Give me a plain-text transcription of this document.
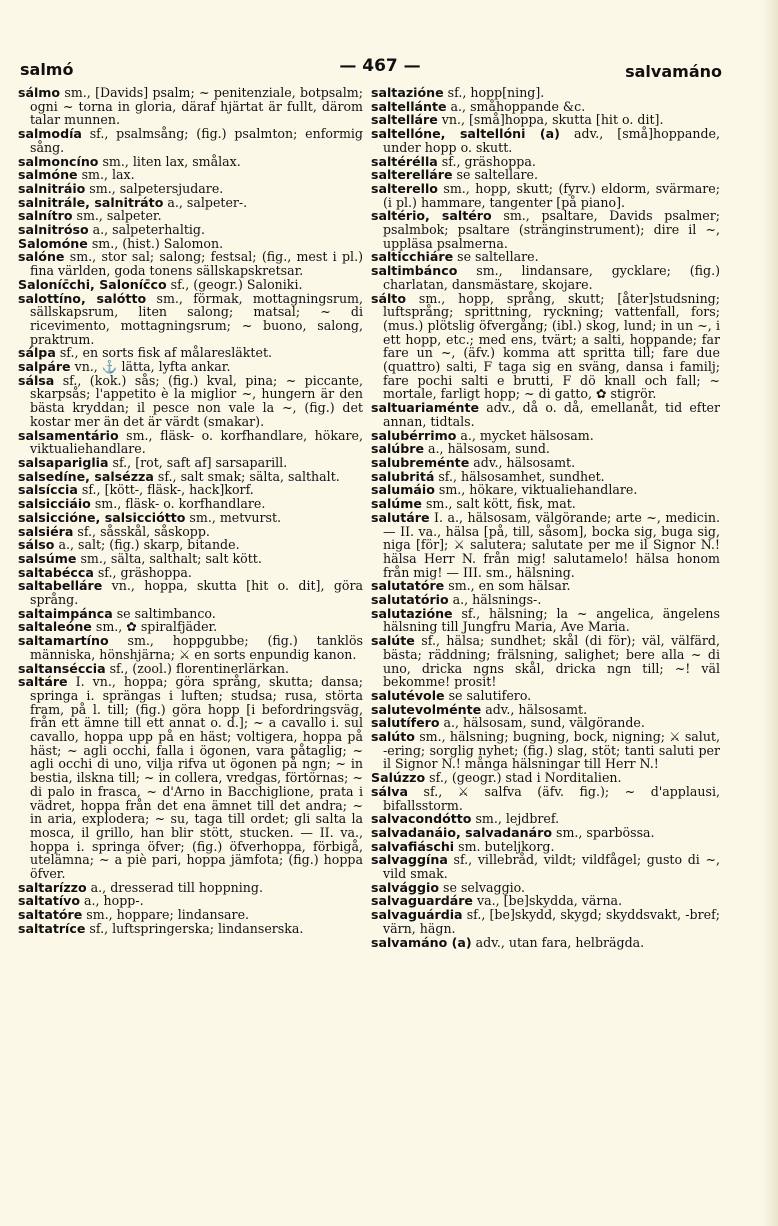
salmó	— 467 —	salvamáno

sálmo sm., [Davids] psalm; ~ penitenziale, botpsalm; ogni ~ torna in gloria, däraf hjärtat är fullt, därom talar munnen.

salmodía sf., psalmsång; (fig.) psalmton; enformig sång.

salmoncíno sm., liten lax, smålax.

salmóne sm., lax.

salnitráio sm., salpetersjudare.

salnitrále, salnitráto a., salpeter-.

salnítro sm., salpeter.

salnitróso a., salpeterhaltig.

Salomóne sm., (hist.) Salomon.

salóne sm., stor sal; salong; festsal; (fig., mest i pl.) fina världen, goda tonens sällskapskretsar.

Saloníc̄chi, Saloníc̄co sf., (geogr.) Saloniki.

salottíno, salótto sm., förmak, mottagningsrum, sällskapsrum, liten salong; matsal; ~ di ricevimento, mottagningsrum; ~ buono, salong, praktrum.

sálpa sf., en sorts fisk af målaresläktet.

salpáre vn., ⚓ lätta, lyfta ankar.

sálsa sf., (kok.) sås; (fig.) kval, pina; ~ piccante, skarpsås; l'appetito è la miglior ~, hungern är den bästa kryddan; il pesce non vale la ~, (fig.) det kostar mer än det är värdt (smakar).

salsamentário sm., fläsk- o. korfhandlare, hökare, viktualiehandlare.

salsapariglia sf., [rot, saft af] sarsaparill.

salsedíne, salsézza sf., salt smak; sälta, salthalt.

salsíccia sf., [kött-, fläsk-, hack]korf.

salsicciáio sm., fläsk- o. korfhandlare.

salsiccióne, salsicciótto sm., metvurst.

salsiéra sf., såsskål, såskopp.

sálso a., salt; (fig.) skarp, bitande.

salsúme sm., sälta, salthalt; salt kött.

saltabécca sf., gräshoppa.

saltabelláre vn., hoppa, skutta [hit o. dit], göra språng.

saltaimpánca se saltimbanco.

saltaleóne sm., ✿ spiralfjäder.

saltamartíno sm., hoppgubbe; (fig.) tanklös människa, hönshjärna; ⚔ en sorts enpundig kanon.

saltanséccia sf., (zool.) florentinerlärkan.

saltáre I. vn., hoppa; göra språng, skutta; dansa; springa i. sprängas i luften; studsa; rusa, störta fram, på l. till; (fig.) göra hopp [i befordringsväg, från ett ämne till ett annat o. d.]; ~ a cavallo i. sul cavallo, hoppa upp på en häst; voltigera, hoppa på häst; ~ agli occhi, falla i ögonen, vara påtaglig; ~ agli occhi di uno, vilja rifva ut ögonen på ngn; ~ in bestia, ilskna till; ~ in collera, vredgas, förtörnas; ~ di palo in frasca, ~ d'Arno in Bacchiglione, prata i vädret, hoppa från det ena ämnet till det andra; ~ in aria, explodera; ~ su, taga till ordet; gli salta la mosca, il grillo, han blir stött, stucken. — II. va., hoppa i. springa öfver; (fig.) öfverhoppa, förbigå, utelämna; ~ a piè pari, hoppa jämfota; (fig.) hoppa öfver.

saltarízzo a., dresserad till hoppning.

saltatívo a., hopp-.

saltatóre sm., hoppare; lindansare.

saltatríce sf., luftspringerska; lindanserska.

saltazióne sf., hopp[ning].

saltellánte a., småhoppande &c.

saltelláre vn., [små]hoppa, skutta [hit o. dit].

saltellóne, saltellóni (a) adv., [små]hoppande, under hopp o. skutt.

saltérélla sf., gräshoppa.

salterelláre se saltellare.

salterello sm., hopp, skutt; (fyrv.) eldorm, svärmare; (i pl.) hammare, tangenter [på piano].

saltério, saltéro sm., psaltare, Davids psalmer; psalmbok; psaltare (stränginstrument); dire il ~, uppläsa psalmerna.

salticchiáre se saltellare.

saltimbánco sm., lindansare, gycklare; (fig.) charlatan, dansmästare, skojare.

sálto sm., hopp, språng, skutt; [åter]studsning; luftsprång; sprittning, ryckning; vattenfall, fors; (mus.) plötslig öfvergång; (ibl.) skog, lund; in un ~, i ett hopp, etc.; med ens, tvärt; a salti, hoppande; far fare un ~, (äfv.) komma att spritta till; fare due (quattro) salti, F taga sig en sväng, dansa i familj; fare pochi salti e brutti, F dö knall och fall; ~ mortale, farligt hopp; ~ di gatto, ✿ stigrör.

saltuariaménte adv., då o. då, emellanåt, tid efter annan, tidtals.

salubérrimo a., mycket hälsosam.

salúbre a., hälsosam, sund.

salubreménte adv., hälsosamt.

salubritá sf., hälsosamhet, sundhet.

salumáio sm., hökare, viktualiehandlare.

salúme sm., salt kött, fisk, mat.

salutáre I. a., hälsosam, välgörande; arte ~, medicin. — II. va., hälsa [på, till, såsom], bocka sig, buga sig, niga [för]; ⚔ salutera; salutate per me il Signor N.! hälsa Herr N. från mig! salutamelo! hälsa honom från mig! — III. sm., hälsning.

salutatóre sm., en som hälsar.

salutatório a., hälsnings-.

salutazióne sf., hälsning; la ~ angelica, ängelens hälsning till Jungfru Maria, Ave Maria.

salúte sf., hälsa; sundhet; skål (di för); väl, välfärd, bästa; räddning; frälsning, salighet; bere alla ~ di uno, dricka ngns skål, dricka ngn till; ~! väl bekomme! prosit!

salutévole se salutifero.

salutevolménte adv., hälsosamt.

salutífero a., hälsosam, sund, välgörande.

salúto sm., hälsning; bugning, bock, nigning; ⚔ salut, -ering; sorglig nyhet; (fig.) slag, stöt; tanti saluti per il Signor N.! många hälsningar till Herr N.!

Salúzzo sf., (geogr.) stad i Norditalien.

sálva sf., ⚔ salfva (äfv. fig.); ~ d'applausi, bifallsstorm.

salvacondótto sm., lejdbref.

salvadanáio, salvadanáro sm., sparbössa.

salvafiáschi sm. buteljkorg.

salvaggína sf., villebråd, vildt; vildfågel; gusto di ~, vild smak.

salvággio se selvaggio.

salvaguardáre va., [be]skydda, värna.

salvaguárdia sf., [be]skydd, skygd; skyddsvakt, -bref; värn, hägn.

salvamáno (a) adv., utan fara, helbrägda.
